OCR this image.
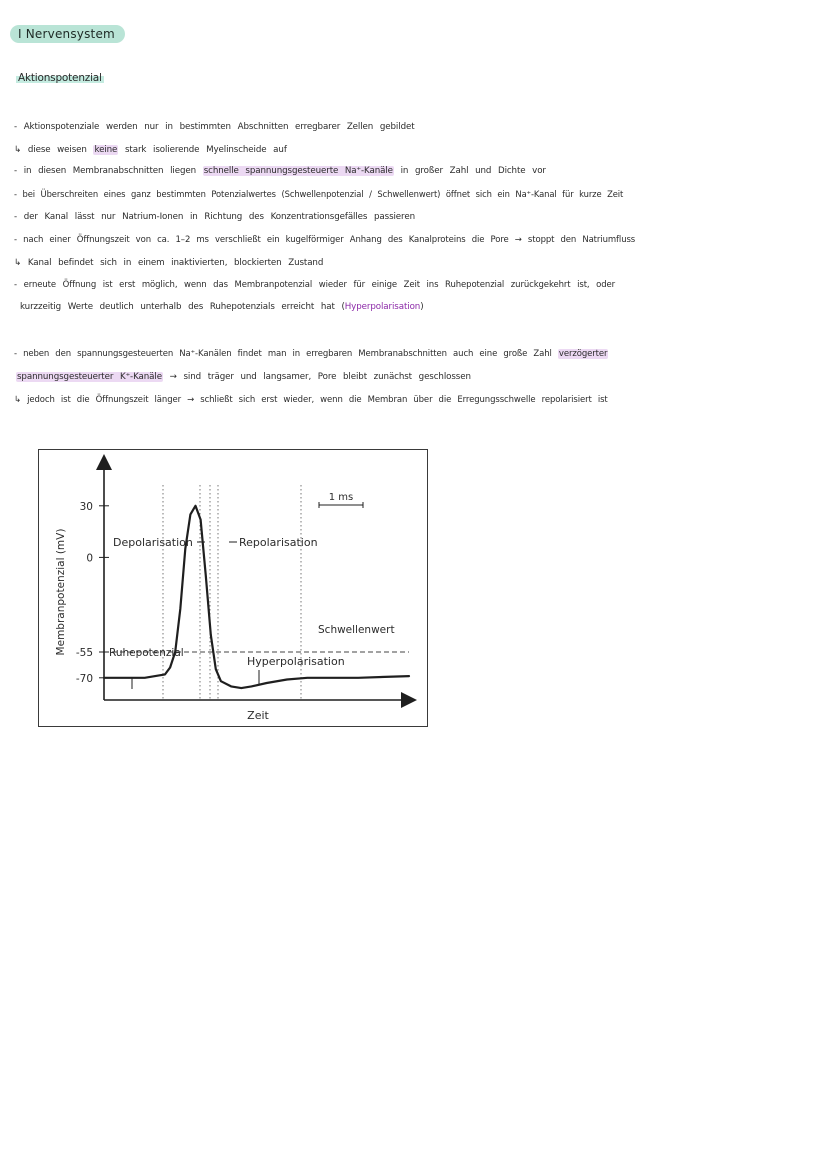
I Nervensystem
Aktionspotenzial
- Aktionspotenziale werden nur in bestimmten Abschnitten erregbarer Zellen gebildet
↳ diese weisen keine stark isolierende Myelinscheide auf
- in diesen Membranabschnitten liegen schnelle spannungsgesteuerte Na⁺-Kanäle in großer Zahl und Dichte vor
- bei Überschreiten eines ganz bestimmten Potenzialwertes (Schwellenpotenzial / Schwellenwert) öffnet sich ein Na⁺-Kanal für kurze Zeit
- der Kanal lässt nur Natrium-Ionen in Richtung des Konzentrationsgefälles passieren
- nach einer Öffnungszeit von ca. 1–2 ms verschließt ein kugelförmiger Anhang des Kanalproteins die Pore → stoppt den Natriumfluss
↳ Kanal befindet sich in einem inaktivierten, blockierten Zustand
- erneute Öffnung ist erst möglich, wenn das Membranpotenzial wieder für einige Zeit ins Ruhepotenzial zurückgekehrt ist, oder
kurzzeitig Werte deutlich unterhalb des Ruhepotenzials erreicht hat (Hyperpolarisation)
- neben den spannungsgesteuerten Na⁺-Kanälen findet man in erregbaren Membranabschnitten auch eine große Zahl verzögerter
spannungsgesteuerter K⁺-Kanäle → sind träger und langsamer, Pore bleibt zunächst geschlossen
↳ jedoch ist die Öffnungszeit länger → schließt sich erst wieder, wenn die Membran über die Erregungsschwelle repolarisiert ist
30
0
-55
-70
1 ms
Depolarisation	Repolarisation
Ruhepotenzial
Hyperpolarisation
Schwellenwert
Zeit
Membranpotenzial (mV)
